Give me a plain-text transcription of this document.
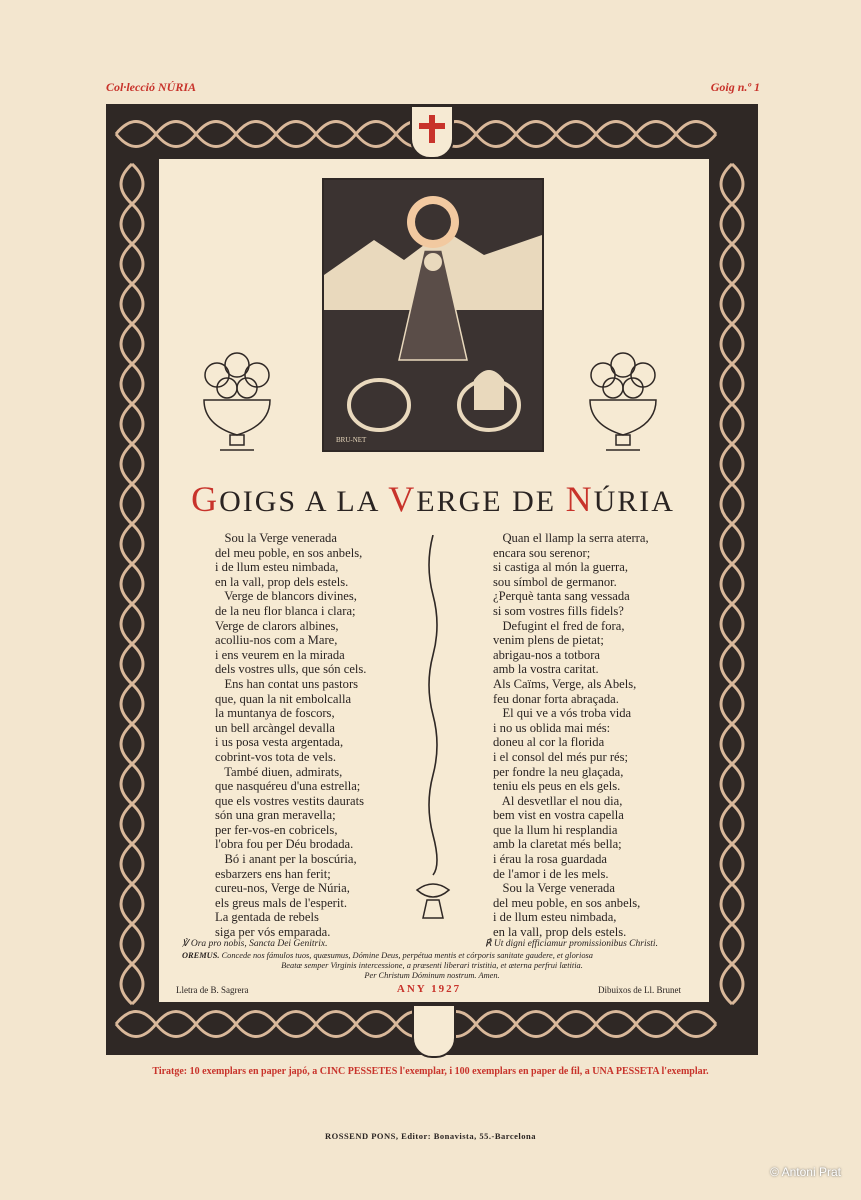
Col·lecció NÚRIA	Goig n.º 1
BRU-NET
GOIGS A LA VERGE DE NÚRIA
Sou la Verge venerada
del meu poble, en sos anbels,
i de llum esteu nimbada,
en la vall, prop dels estels.
Verge de blancors divines,
de la neu flor blanca i clara;
Verge de clarors albines,
acolliu-nos com a Mare,
i ens veurem en la mirada
dels vostres ulls, que són cels.
Ens han contat uns pastors
que, quan la nit embolcalla
la muntanya de foscors,
un bell arcàngel devalla
i us posa vesta argentada,
cobrint-vos tota de vels.
També diuen, admirats,
que nasquéreu d'una estrella;
que els vostres vestits daurats
són una gran meravella;
per fer-vos-en cobricels,
l'obra fou per Déu brodada.
Bó i anant per la boscúria,
esbarzers ens han ferit;
cureu-nos, Verge de Núria,
els greus mals de l'esperit.
La gentada de rebels
siga per vós emparada.
Quan el llamp la serra aterra,
encara sou serenor;
si castiga al món la guerra,
sou símbol de germanor.
¿Perquè tanta sang vessada
si som vostres fills fidels?
Defugint el fred de fora,
venim plens de pietat;
abrigau-nos a totbora
amb la vostra caritat.
Als Caïms, Verge, als Abels,
feu donar forta abraçada.
El qui ve a vós troba vida
i no us oblida mai més:
doneu al cor la florida
i el consol del més pur rés;
per fondre la neu glaçada,
teniu els peus en els gels.
Al desvetllar el nou dia,
bem vist en vostra capella
que la llum hi resplandia
amb la claretat més bella;
i érau la rosa guardada
de l'amor i de les mels.
Sou la Verge venerada
del meu poble, en sos anbels,
i de llum esteu nimbada,
en la vall, prop dels estels.
℣ Ora pro nobis, Sancta Dei Genitrix.	℟ Ut digni efficiamur promissionibus Christi.
OREMUS. Concede nos fámulos tuos, quæsumus, Dómine Deus, perpétua mentis et córporis sanitate gaudere, et gloriosa
Beatæ semper Virginis intercessione, a præsenti liberari tristitia, et æterna perfrui lætitia.
Per Christum Dóminum nostrum. Amen.
Lletra de B. Sagrera	ANY 1927	Dibuixos de Ll. Brunet
Tiratge: 10 exemplars en paper japó, a CINC PESSETES l'exemplar, i 100 exemplars en paper de fil, a UNA PESSETA l'exemplar.
ROSSEND PONS, Editor: Bonavista, 55.-Barcelona
© Antoni Prat
